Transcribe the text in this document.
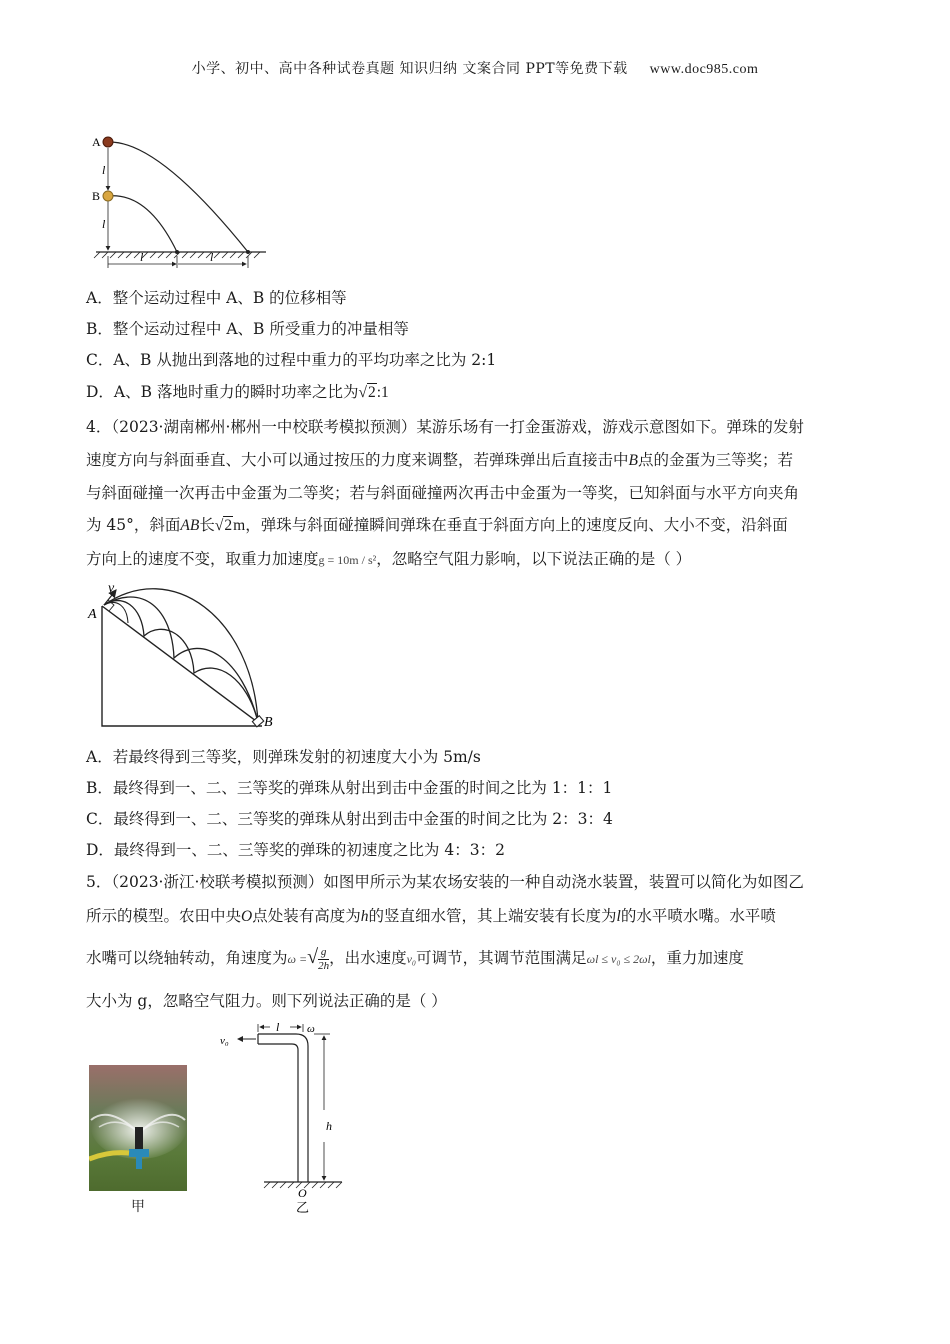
小学、初中、高中各种试卷真题 知识归纳 文案合同 PPT等免费下载 www.doc985.com
A
B
l
l
l	l
A．整个运动过程中 A、B 的位移相等
B．整个运动过程中 A、B 所受重力的冲量相等
C．A、B 从抛出到落地的过程中重力的平均功率之比为 2:1
D．A、B 落地时重力的瞬时功率之比为√2:1
4．（2023·湖南郴州·郴州一中校联考模拟预测）某游乐场有一打金蛋游戏，游戏示意图如下。弹珠的发射
速度方向与斜面垂直、大小可以通过按压的力度来调整，若弹珠弹出后直接击中B点的金蛋为三等奖；若
与斜面碰撞一次再击中金蛋为二等奖；若与斜面碰撞两次再击中金蛋为一等奖，已知斜面与水平方向夹角
为 45°，斜面AB长√2m，弹珠与斜面碰撞瞬间弹珠在垂直于斜面方向上的速度反向、大小不变，沿斜面
方向上的速度不变，取重力加速度g = 10m / s²，忽略空气阻力影响，以下说法正确的是（ ）
v
A
B
A．若最终得到三等奖，则弹珠发射的初速度大小为 5m/s
B．最终得到一、二、三等奖的弹珠从射出到击中金蛋的时间之比为 1：1：1
C．最终得到一、二、三等奖的弹珠从射出到击中金蛋的时间之比为 2：3：4
D．最终得到一、二、三等奖的弹珠的初速度之比为 4：3：2
5．（2023·浙江·校联考模拟预测）如图甲所示为某农场安装的一种自动浇水装置，装置可以简化为如图乙
所示的模型。农田中央O点处装有高度为h的竖直细水管，其上端安装有长度为l的水平喷水嘴。水平喷
水嘴可以绕轴转动，角速度为ω =√ $\frac{g}{2h}$ ，出水速度v₀可调节，其调节范围满足ωl ≤ v₀ ≤ 2ωl，重力加速度
大小为 g，忽略空气阻力。则下列说法正确的是（ ）
甲
l	ω
v₀
h
O
乙
